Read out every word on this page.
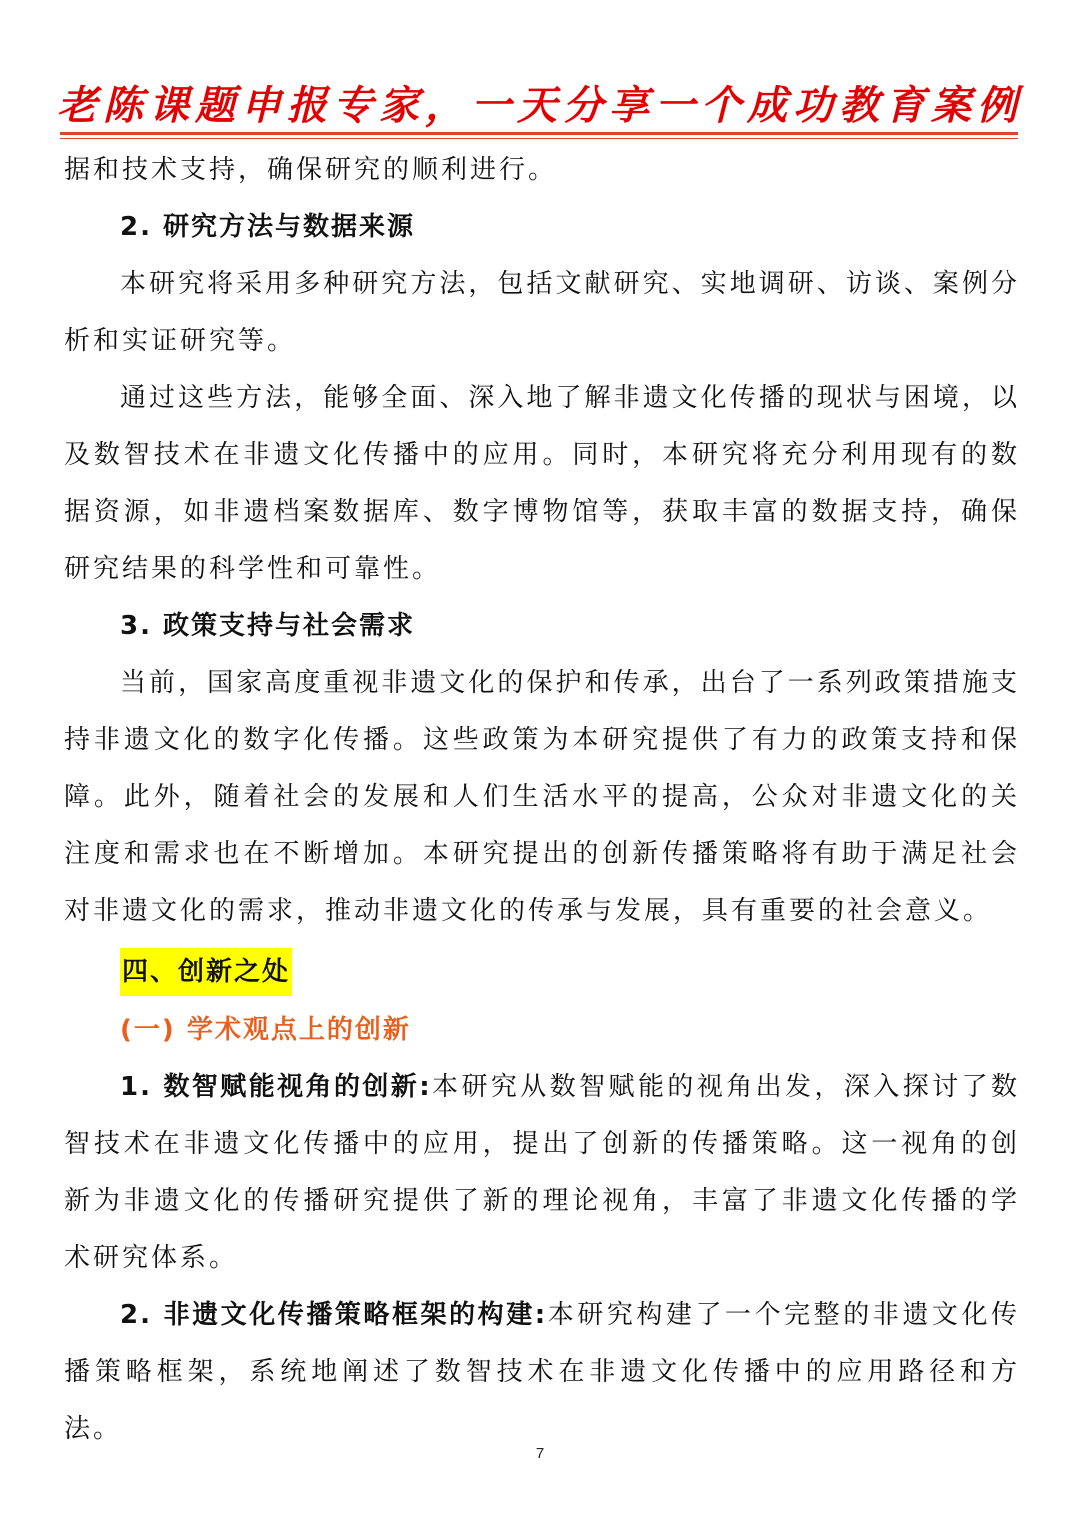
老陈课题申报专家，一天分享一个成功教育案例

据和技术支持，确保研究的顺利进行。

2. 研究方法与数据来源

本研究将采用多种研究方法，包括文献研究、实地调研、访谈、案例分析和实证研究等。

通过这些方法，能够全面、深入地了解非遗文化传播的现状与困境，以及数智技术在非遗文化传播中的应用。同时，本研究将充分利用现有的数据资源，如非遗档案数据库、数字博物馆等，获取丰富的数据支持，确保研究结果的科学性和可靠性。

3. 政策支持与社会需求

当前，国家高度重视非遗文化的保护和传承，出台了一系列政策措施支持非遗文化的数字化传播。这些政策为本研究提供了有力的政策支持和保障。此外，随着社会的发展和人们生活水平的提高，公众对非遗文化的关注度和需求也在不断增加。本研究提出的创新传播策略将有助于满足社会对非遗文化的需求，推动非遗文化的传承与发展，具有重要的社会意义。

四、创新之处

(一) 学术观点上的创新

1. 数智赋能视角的创新:本研究从数智赋能的视角出发，深入探讨了数智技术在非遗文化传播中的应用，提出了创新的传播策略。这一视角的创新为非遗文化的传播研究提供了新的理论视角，丰富了非遗文化传播的学术研究体系。

2. 非遗文化传播策略框架的构建:本研究构建了一个完整的非遗文化传播策略框架，系统地阐述了数智技术在非遗文化传播中的应用路径和方法。

7
